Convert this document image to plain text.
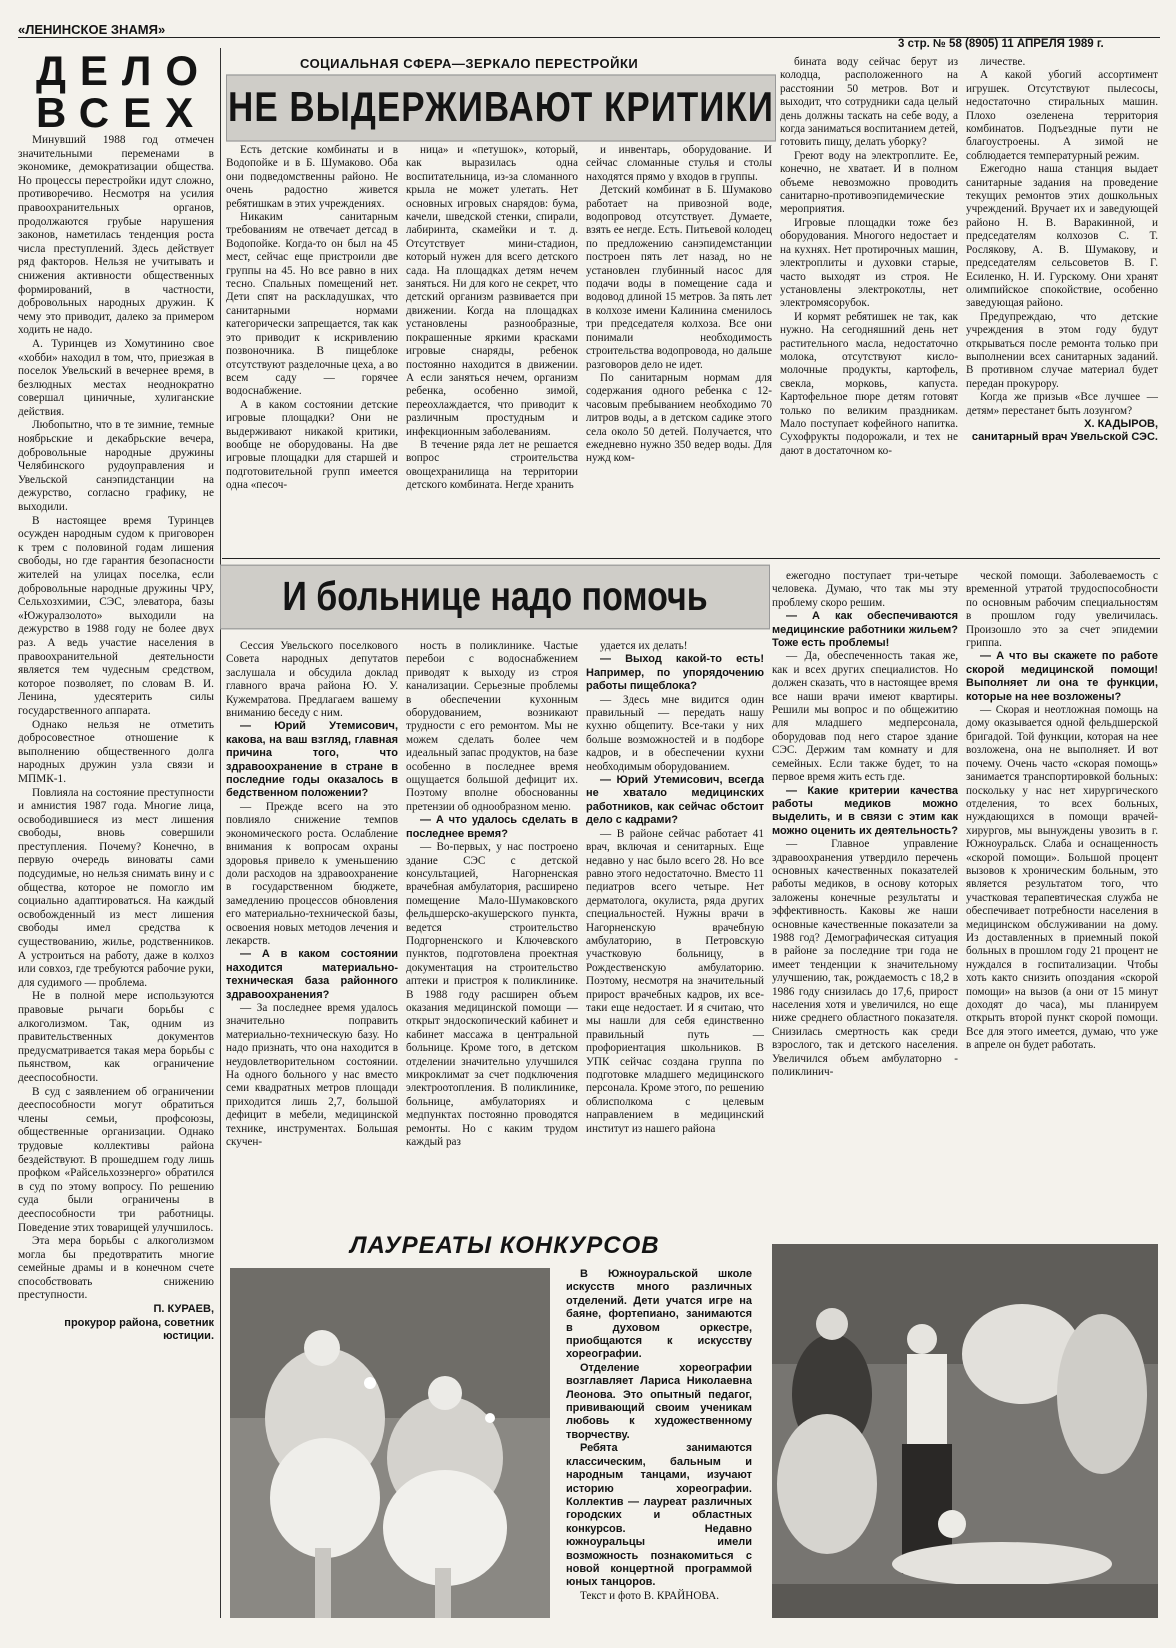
«ЛЕНИНСКОЕ ЗНАМЯ»
3 стр. № 58 (8905) 11 АПРЕЛЯ 1989 г.
ДЕЛО
ВСЕХ

Минувший 1988 год отмечен значительными переменами в экономике, демократизации общества. Но процессы перестройки идут сложно, противоречиво. Несмотря на усилия правоохранительных органов, продолжаются грубые нарушения законов, наметилась тенденция роста числа преступлений. Здесь действует ряд факторов. Нельзя не учитывать и снижения активности общественных формирований, в частности, добровольных народных дружин. К чему это приводит, далеко за примером ходить не надо.

А. Туринцев из Хомутинино свое «хобби» находил в том, что, приезжая в поселок Увельский в вечернее время, в безлюдных местах неоднократно совершал циничные, хулиганские действия.

Любопытно, что в те зимние, темные ноябрьские и декабрьские вечера, добровольные народные дружины Челябинского рудоуправления и Увельской санэпидстанции на дежурство, согласно графику, не выходили.

В настоящее время Туринцев осужден народным судом к приговорен к трем с половиной годам лишения свободы, но где гарантия безопасности жителей на улицах поселка, если добровольные народные дружины ЧРУ, Сельхозхимии, СЭС, элеватора, базы «Южуралзолото» выходили на дежурство в 1988 году не более двух раз. А ведь участие населения в правоохранительной деятельности является тем чудесным средством, которое позволяет, по словам В. И. Ленина, удесятерить силы государственного аппарата.

Однако нельзя не отметить добросовестное отношение к выполнению общественного долга народных дружин узла связи и МПМК-1.

Повлияла на состояние преступности и амнистия 1987 года. Многие лица, освободившиеся из мест лишения свободы, вновь совершили преступления. Почему? Конечно, в первую очередь виноваты сами подсудимые, но нельзя снимать вину и с общества, которое не помогло им социально адаптироваться. На каждый освобожденный из мест лишения свободы имел средства к существованию, жилье, родственников. А устроиться на работу, даже в колхоз или совхоз, где требуются рабочие руки, для судимого — проблема.

Не в полной мере используются правовые рычаги борьбы с алкоголизмом. Так, одним из правительственных документов предусматривается такая мера борьбы с пьянством, как ограничение дееспособности.

В суд с заявлением об ограничении дееспособности могут обратиться члены семьи, профсоюзы, общественные организации. Однако трудовые коллективы района бездействуют. В прошедшем году лишь профком «Райсельхозэнерго» обратился в суд по этому вопросу. По решению суда были ограничены в дееспособности три работницы. Поведение этих товарищей улучшилось.

Эта мера борьбы с алкоголизмом могла бы предотвратить многие семейные драмы и в конечном счете способствовать снижению преступности.

П. КУРАЕВ,

прокурор района, советник юстиции.

СОЦИАЛЬНАЯ СФЕРА—ЗЕРКАЛО ПЕРЕСТРОЙКИ
НЕ ВЫДЕРЖИВАЮТ КРИТИКИ

Есть детские комбинаты и в Водопойке и в Б. Шумаково. Оба они подведомственны районо. Не очень радостно живется ребятишкам в этих учреждениях.

Никаким санитарным требованиям не отвечает детсад в Водопойке. Когда-то он был на 45 мест, сейчас еще пристроили две группы на 45. Но все равно в них тесно. Спальных помещений нет. Дети спят на раскладушках, что санитарными нормами категорически запрещается, так как это приводит к искривлению позвоночника. В пищеблоке отсутствуют разделочные цеха, а во всем саду — горячее водоснабжение.

А в каком состоянии детские игровые площадки? Они не выдерживают никакой критики, вообще не оборудованы. На две игровые площадки для старшей и подготовительной групп имеется одна «песоч-

ница» и «петушок», который, как выразилась одна воспитательница, из-за сломанного крыла не может улетать. Нет основных игровых снарядов: бума, качели, шведской стенки, спирали, лабиринта, скамейки и т. д. Отсутствует мини-стадион, который нужен для всего детского сада. На площадках детям нечем заняться. Ни для кого не секрет, что детский организм развивается при движении. Когда на площадках установлены разнообразные, покрашенные яркими красками игровые снаряды, ребенок постоянно находится в движении. А если заняться нечем, организм ребенка, особенно зимой, переохлаждается, что приводит к различным простудным и инфекционным заболеваниям.

В течение ряда лет не решается вопрос строительства овощехранилища на территории детского комбината. Негде хранить

и инвентарь, оборудование. И сейчас сломанные стулья и столы находятся прямо у входов в группы.

Детский комбинат в Б. Шумаково работает на привозной воде, водопровод отсутствует. Думаете, взять ее негде. Есть. Питьевой колодец по предложению санэпидемстанции построен пять лет назад, но не установлен глубинный насос для подачи воды в помещение сада и водовод длиной 15 метров. За пять лет в колхозе имени Калинина сменилось три председателя колхоза. Все они понимали необходимость строительства водопровода, но дальше разговоров дело не идет.

По санитарным нормам для содержания одного ребенка с 12-часовым пребыванием необходимо 70 литров воды, а в детском садике этого села около 50 детей. Получается, что ежедневно нужно 350 ведер воды. Для нужд ком-

бината воду сейчас берут из колодца, расположенного на расстоянии 50 метров. Вот и выходит, что сотрудники сада целый день должны таскать на себе воду, а когда заниматься воспитанием детей, готовить пищу, делать уборку?

Греют воду на электроплите. Ее, конечно, не хватает. И в полном объеме невозможно проводить санитарно-противоэпидемические мероприятия.

Игровые площадки тоже без оборудования. Многого недостает и на кухнях. Нет протирочных машин, электроплиты и духовки старые, часто выходят из строя. Не установлены электрокотлы, нет электромясорубок.

И кормят ребятишек не так, как нужно. На сегодняшний день нет растительного масла, недостаточно молока, отсутствуют кисло-молочные продукты, картофель, свекла, морковь, капуста. Картофельное пюре детям готовят только по великим праздникам. Мало поступает кофейного напитка. Сухофрукты подорожали, и тех не дают в достаточном ко-

личестве.

А какой убогий ассортимент игрушек. Отсутствуют пылесосы, недостаточно стиральных машин. Плохо озеленена территория комбинатов. Подъездные пути не благоустроены. А зимой не соблюдается температурный режим.

Ежегодно наша станция выдает санитарные задания на проведение текущих ремонтов этих дошкольных учреждений. Вручает их и заведующей районо Н. В. Варакинной, и председателям колхозов С. Т. Рослякову, А. В. Шумакову, и председателям сельсоветов В. Г. Есиленко, Н. И. Гурскому. Они хранят олимпийское спокойствие, особенно заведующая районо.

Предупреждаю, что детские учреждения в этом году будут открываться после ремонта только при выполнении всех санитарных заданий. В противном случае материал будет передан прокурору.

Когда же призыв «Все лучшее — детям» перестанет быть лозунгом?

Х. КАДЫРОВ,

санитарный врач Увельской СЭС.

И больнице надо помочь

Сессия Увельского поселкового Совета народных депутатов заслушала и обсудила доклад главного врача района Ю. У. Кужемратова. Предлагаем вашему вниманию беседу с ним.

— Юрий Утемисович, какова, на ваш взгляд, главная причина того, что здравоохранение в стране в последние годы оказалось в бедственном положении?

— Прежде всего на это повлияло снижение темпов экономического роста. Ослабление внимания к вопросам охраны здоровья привело к уменьшению доли расходов на здравоохранение в государственном бюджете, замедлению процессов обновления его материально-технической базы, освоения новых методов лечения и лекарств.

— А в каком состоянии находится материально-техническая база районного здравоохранения?

— За последнее время удалось значительно поправить материально-техническую базу. Но надо признать, что она находится в неудовлетворительном состоянии. На одного больного у нас вместо семи квадратных метров площади приходится лишь 2,7, большой дефицит в мебели, медицинской технике, инструментах. Большая скучен-

ность в поликлинике. Частые перебои с водоснабжением приводят к выходу из строя канализации. Серьезные проблемы в обеспечении кухонным оборудованием, возникают трудности с его ремонтом. Мы не можем сделать более чем идеальный запас продуктов, на базе особенно в последнее время ощущается большой дефицит их. Поэтому вполне обоснованны претензии об однообразном меню.

— А что удалось сделать в последнее время?

— Во-первых, у нас построено здание СЭС с детской консультацией, Нагорненская врачебная амбулатория, расширено помещение Мало-Шумаковского фельдшерско-акушерского пункта, ведется строительство Подгорненского и Ключевского пунктов, подготовлена проектная документация на строительство аптеки и пристроя к поликлинике. В 1988 году расширен объем оказания медицинской помощи — открыт эндоскопический кабинет и кабинет массажа в центральной больнице. Кроме того, в детском отделении значительно улучшился микроклимат за счет подключения электроотопления. В поликлинике, больнице, амбулаториях и медпунктах постоянно проводятся ремонты. Но с каким трудом каждый раз

удается их делать!

— Выход какой-то есть! Например, по упорядочению работы пищеблока?

— Здесь мне видится один правильный — передать нашу кухню общепиту. Все-таки у них больше возможностей и в подборе кадров, и в обеспечении кухни необходимым оборудованием.

— Юрий Утемисович, всегда не хватало медицинских работников, как сейчас обстоит дело с кадрами?

— В районе сейчас работает 41 врач, включая и сенитарных. Еще недавно у нас было всего 28. Но все равно этого недостаточно. Вместо 11 педиатров всего четыре. Нет дерматолога, окулиста, ряда других специальностей. Нужны врачи в Нагорненскую врачебную амбулаторию, в Петровскую участковую больницу, в Рождественскую амбулаторию. Поэтому, несмотря на значительный прирост врачебных кадров, их все-таки еще недостает. И я считаю, что мы нашли для себя единственно правильный путь — профориентация школьников. В УПК сейчас создана группа по подготовке младшего медицинского персонала. Кроме этого, по решению облисполкома с целевым направлением в медицинский институт из нашего района

ежегодно поступает три-четыре человека. Думаю, что так мы эту проблему скоро решим.

— А как обеспечиваются медицинские работники жильем? Тоже есть проблемы!

— Да, обеспеченность такая же, как и всех других специалистов. Но должен сказать, что в настоящее время все наши врачи имеют квартиры. Решили мы вопрос и по общежитию для младшего медперсонала, оборудовав под него старое здание СЭС. Держим там комнату и для семейных. Если также будет, то на первое время жить есть где.

— Какие критерии качества работы медиков можно выделить, и в связи с этим как можно оценить их деятельность?

— Главное управление здравоохранения утвердило перечень основных качественных показателей работы медиков, в основу которых заложены конечные результаты и эффективность. Каковы же наши основные качественные показатели за 1988 год? Демографическая ситуация в районе за последние три года не имеет тенденции к значительному улучшению, так, рождаемость с 18,2 в 1986 году снизилась до 17,6, прирост населения хотя и увеличился, но еще ниже среднего областного показателя. Снизилась смертность как среди взрослого, так и детского населения. Увеличился объем амбулаторно - поликлинич-

ческой помощи. Заболеваемость с временной утратой трудоспособности по основным рабочим специальностям в прошлом году увеличилась. Произошло это за счет эпидемии гриппа.

— А что вы скажете по работе скорой медицинской помощи! Выполняет ли она те функции, которые на нее возложены?

— Скорая и неотложная помощь на дому оказывается одной фельдшерской бригадой. Той функции, которая на нее возложена, она не выполняет. И вот почему. Очень часто «скорая помощь» занимается транспортировкой больных: поскольку у нас нет хирургического отделения, то всех больных, нуждающихся в помощи врачей-хирургов, мы вынуждены увозить в г. Южноуральск. Слаба и оснащенность «скорой помощи». Большой процент вызовов к хроническим больным, это является результатом того, что участковая терапевтическая служба не обеспечивает потребности населения в медицинском обслуживании на дому. Из доставленных в приемный покой больных в прошлом году 21 процент не нуждался в госпитализации. Чтобы хоть както снизить опоздания «скорой помощи» на вызов (а они от 15 минут доходят до часа), мы планируем открыть второй пункт скорой помощи. Все для этого имеется, думаю, что уже в апреле он будет работать.

ЛАУРЕАТЫ КОНКУРСОВ

В Южноуральской школе искусств много различных отделений. Дети учатся игре на баяне, фортепиано, занимаются в духовом оркестре, приобщаются к искусству хореографии.

Отделение хореографии возглавляет Лариса Николаевна Леонова. Это опытный педагог, прививающий своим ученикам любовь к художественному творчеству.

Ребята занимаются классическим, бальным и народным танцами, изучают историю хореографии. Коллектив — лауреат различных городских и областных конкурсов. Недавно южноуральцы имели возможность познакомиться с новой концертной программой юных танцоров.

Текст и фото В. КРАЙНОВА.
